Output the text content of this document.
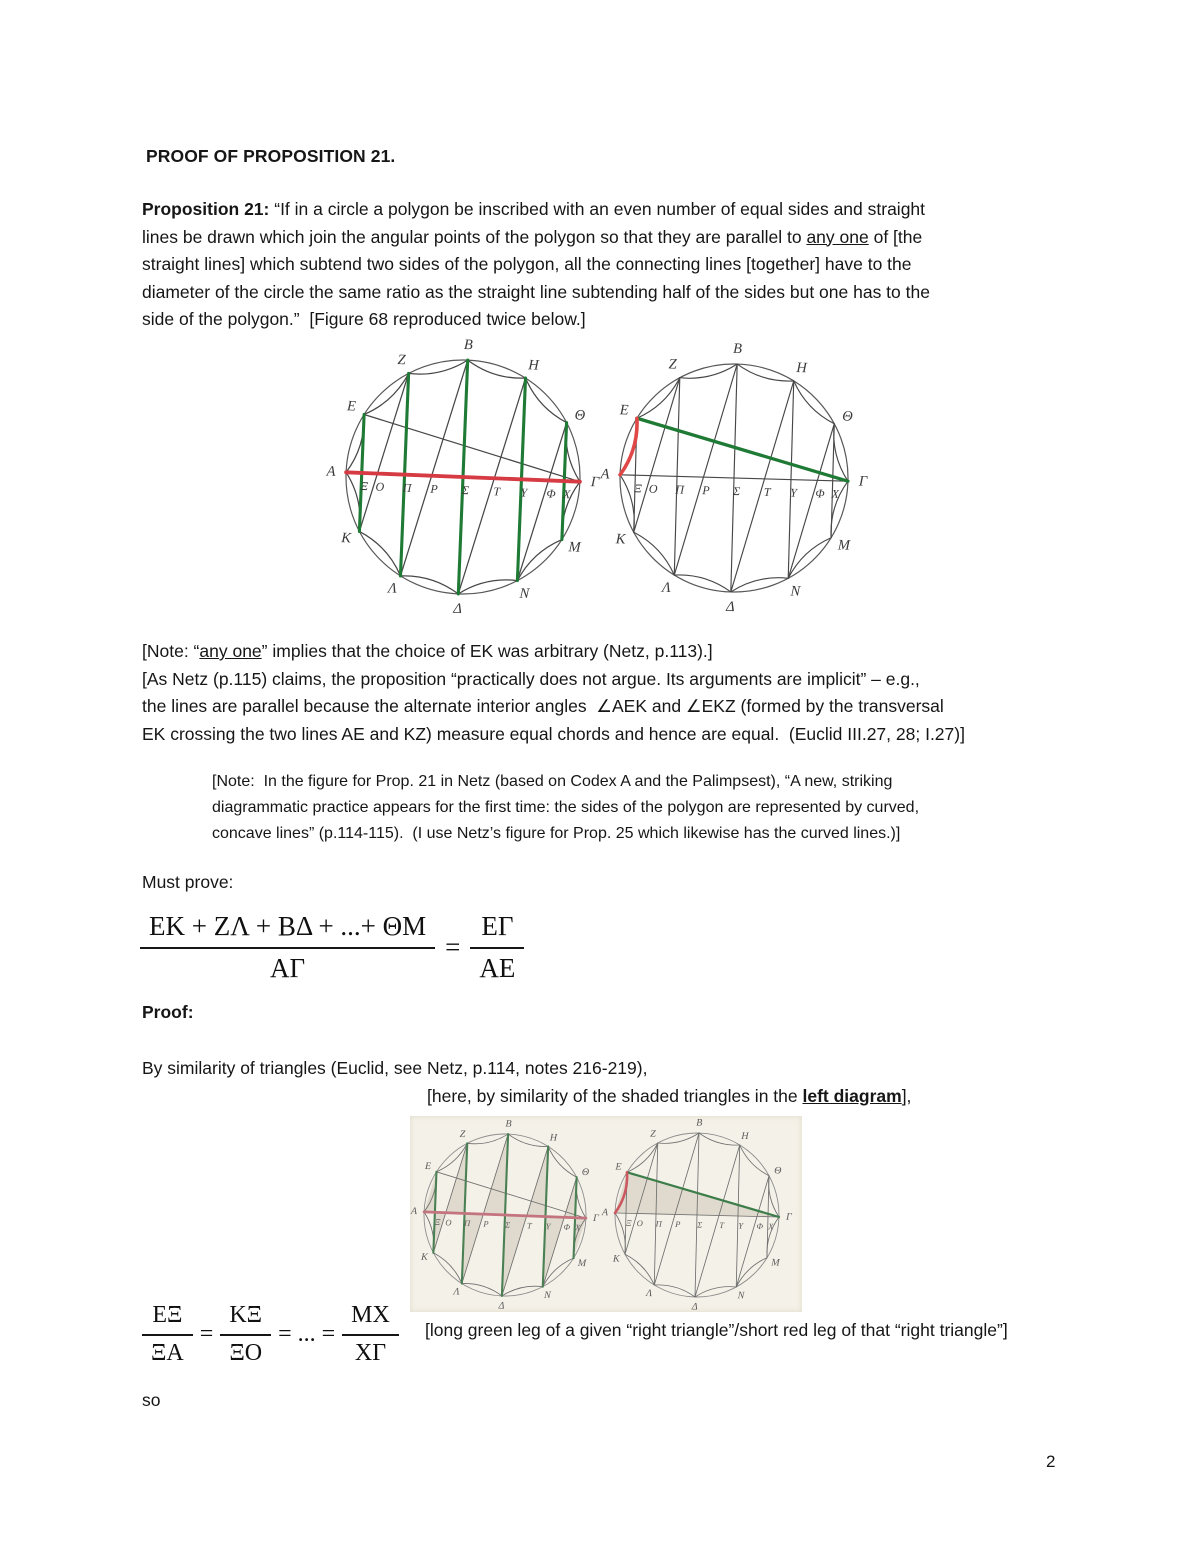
PROOF OF PROPOSITION 21.
Proposition 21: “If in a circle a polygon be inscribed with an even number of equal sides and straight
lines be drawn which join the angular points of the polygon so that they are parallel to any one of [the
straight lines] which subtend two sides of the polygon, all the connecting lines [together] have to the
diameter of the circle the same ratio as the straight line subtending half of the sides but one has to the
side of the polygon.”  [Figure 68 reproduced twice below.]
A
E
Z
B
H
Θ
Γ
M
N
Δ
Λ
K
Ξ O Π P Σ T Y Φ X
A
E
Z
B
H
Θ
Γ
M
N
Δ
Λ
K
Ξ O Π P Σ T Y Φ X
[Note: “any one” implies that the choice of EK was arbitrary (Netz, p.113).]
[As Netz (p.115) claims, the proposition “practically does not argue. Its arguments are implicit” – e.g.,
the lines are parallel because the alternate interior angles  ∠AEK and ∠EKZ (formed by the transversal
EK crossing the two lines AE and KZ) measure equal chords and hence are equal.  (Euclid III.27, 28; I.27)]
[Note:  In the figure for Prop. 21 in Netz (based on Codex A and the Palimpsest), “A new, striking
diagrammatic practice appears for the first time: the sides of the polygon are represented by curved,
concave lines” (p.114-115).  (I use Netz’s figure for Prop. 25 which likewise has the curved lines.)]
Must prove:
$\frac{EK + Z\Lambda + B\Delta + ...+ \Theta M}{A\Gamma} = \frac{E\Gamma}{AE}$
Proof:
By similarity of triangles (Euclid, see Netz, p.114, notes 216-219),
[here, by similarity of the shaded triangles in the left diagram],
A
E
Z
B
H
Θ
Γ
M
N
Δ
Λ
K
Ξ O Π P Σ T Y Φ X
A
E
Z
B
H
Θ
Γ
M
N
Δ
Λ
K
Ξ O Π P Σ T Y Φ X
$\frac{E\Xi}{\Xi A} = \frac{K\Xi}{\Xi O}$ = ... = $\frac{MX}{X\Gamma}$ [long green leg of a given “right triangle”/short red leg of that “right triangle”]
so
2
